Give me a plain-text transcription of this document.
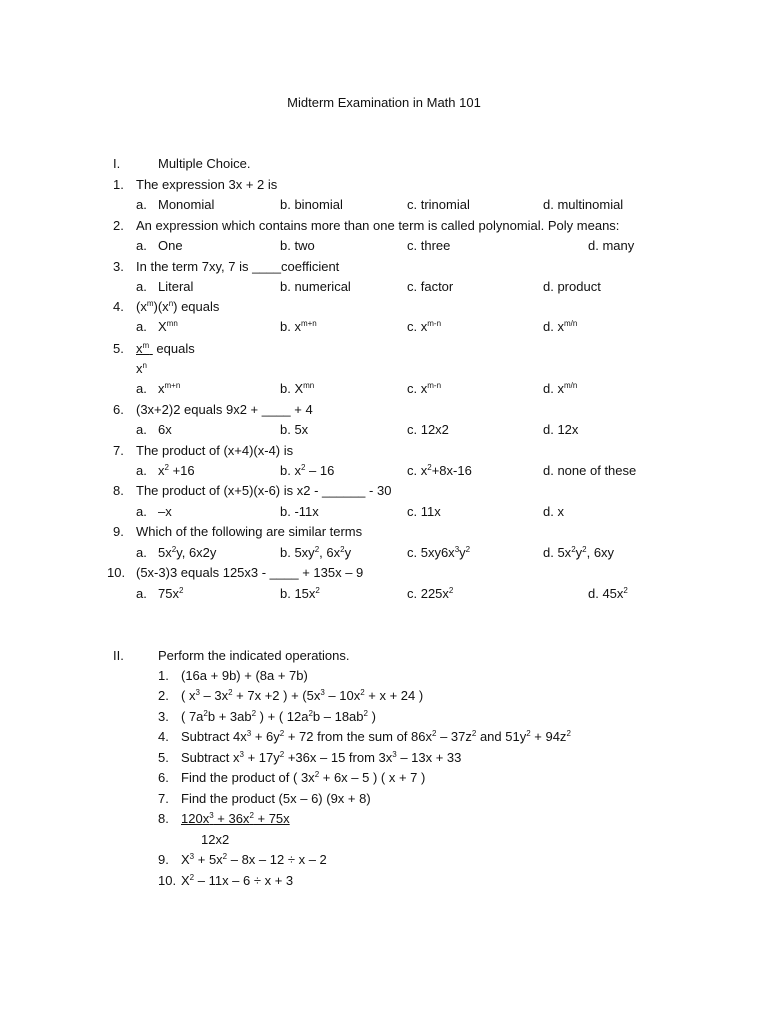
Midterm Examination in Math 101
I.	Multiple Choice.
1. The expression 3x + 2 is
a. Monomial	b. binomial	c. trinomial	d. multinomial
2. An expression which contains more than one term is called polynomial. Poly means:
a. One	b. two	c. three	d. many
3. In the term 7xy, 7 is ____coefficient
a. Literal	b. numerical	c. factor	d. product
4. $(x^m)(x^n)$ equals
a. $X^{mn}$	b. $x^{m+n}$	c. $x^{m-n}$	d. $x^{m/n}$
5. $x^m$ equals
$x^n$
a. $x^{m+n}$	b. $X^{mn}$	c. $x^{m-n}$	d. $x^{m/n}$
6. (3x+2)2 equals 9x2 + ____ + 4
a. 6x	b. 5x	c. 12x2	d. 12x
7. The product of (x+4)(x-4) is
a. $x^2 +16$	b. $x^2 - 16$	c. $x^2+8x-16$	d. none of these
8. The product of (x+5)(x-6) is x2 - ______ - 30
a. –x	b. -11x	c. 11x	d. x
9. Which of the following are similar terms
a. $5x^2y$, 6x2y	b. $5xy^2$, $6x^2y$	c. $5xy6x^3y^2$	d. $5x^2y^2$, 6xy
10. (5x-3)3 equals 125x3 - ____ + 135x – 9
a. $75x^2$	b. $15x^2$	c. $225x^2$	d. $45x^2$
II.	Perform the indicated operations.
1. (16a + 9b) + (8a + 7b)
2. ( $x^3 - 3x^2 + 7x +2$ ) + ($5x^3 - 10x^2 + x + 24$ )
3. ( $7a^2b + 3ab^2$ ) + ( $12a^2b - 18ab^2$ )
4. Subtract $4x^3 + 6y^2 + 72$ from the sum of $86x^2 - 37z^2$ and $51y^2 + 94z^2$
5. Subtract $x^3 + 17y^2 +36x - 15$ from $3x^3 - 13x + 33$
6. Find the product of ( $3x^2 + 6x - 5$ ) ( x + 7 )
7. Find the product (5x – 6) (9x + 8)
8. $120x^3 + 36x^2 + 75x$
12x2
9. $X^3 + 5x^2 - 8x - 12 \div x - 2$
10. $X^2 - 11x - 6 \div x + 3$
